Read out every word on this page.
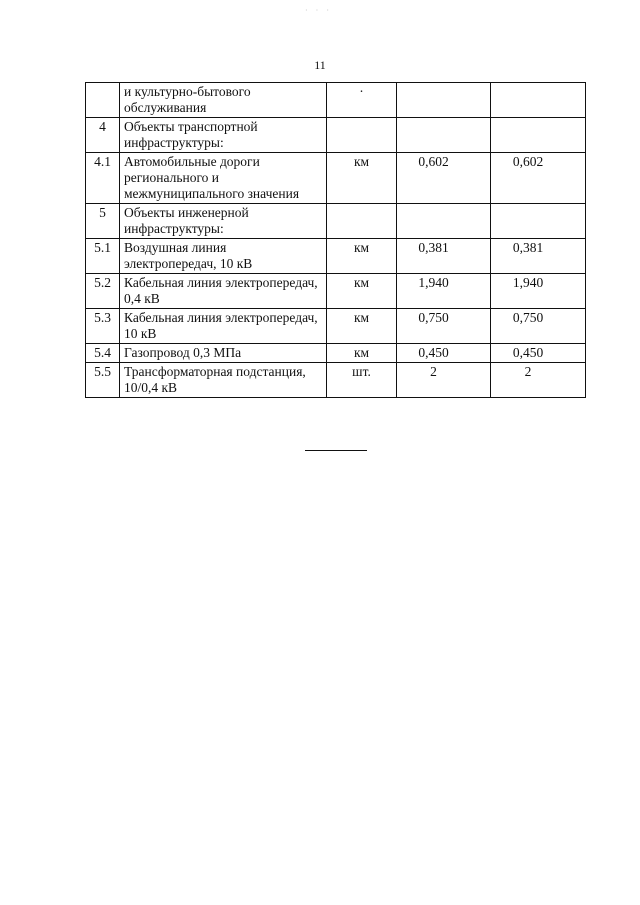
· · ·
11
	и культурно-бытового обслуживания	·		
4	Объекты транспортной инфраструктуры:			
4.1	Автомобильные дороги регионального и межмуниципального значения	км	0,602	0,602
5	Объекты инженерной инфраструктуры:			
5.1	Воздушная линия электропередач, 10 кВ	км	0,381	0,381
5.2	Кабельная линия электропередач, 0,4 кВ	км	1,940	1,940
5.3	Кабельная линия электропередач, 10 кВ	км	0,750	0,750
5.4	Газопровод 0,3 МПа	км	0,450	0,450
5.5	Трансформаторная подстанция, 10/0,4 кВ	шт.	2	2
